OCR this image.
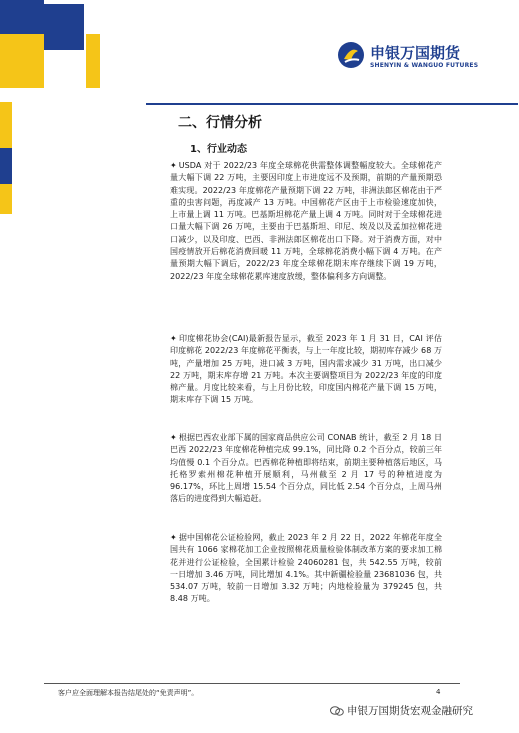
申银万国期货
SHENYIN & WANGUO FUTURES
二、行情分析
1、行业动态
✦ USDA 对于 2022/23 年度全球棉花供需整体调整幅度较大。全球棉花产量大幅下调 22 万吨，主要因印度上市进度远不及预期，前期的产量预期恐难实现。2022/23 年度棉花产量预期下调 22 万吨，非洲法郎区棉花由于严重的虫害问题，再度减产 13 万吨。中国棉花产区由于上市检验速度加快，上市量上调 11 万吨。巴基斯坦棉花产量上调 4 万吨。同时对于全球棉花进口量大幅下调 26 万吨，主要由于巴基斯坦、印尼、埃及以及孟加拉棉花进口减少，以及印度、巴西、非洲法郎区棉花出口下降。对于消费方面，对中国疫情放开后棉花消费回暖 11 万吨，全球棉花消费小幅下调 4 万吨。在产量预期大幅下调后，2022/23 年度全球棉花期末库存继续下调 19 万吨，2022/23 年度全球棉花累库速度放缓，整体偏利多方向调整。
✦ 印度棉花协会(CAI)最新报告显示，截至 2023 年 1 月 31 日，CAI 评估印度棉花 2022/23 年度棉花平衡表，与上一年度比较，期初库存减少 68 万吨，产量增加 25 万吨，进口减 3 万吨，国内需求减少 31 万吨，出口减少 22 万吨，期末库存增 21 万吨。本次主要调整项目为 2022/23 年度的印度棉产量。月度比较来看，与上月份比较，印度国内棉花产量下调 15 万吨，期末库存下调 15 万吨。
✦ 根据巴西农业部下属的国家商品供应公司 CONAB 统计，截至 2 月 18 日巴西 2022/23 年度棉花种植完成 99.1%，同比降 0.2 个百分点，较前三年均值慢 0.1 个百分点。巴西棉花种植即将结束，前期主要种植落后地区，马托格罗索州棉花种植开展顺利，马州截至 2 月 17 号的种植进度为 96.17%，环比上周增 15.54 个百分点，同比低 2.54 个百分点，上周马州落后的进度得到大幅追赶。
✦ 据中国棉花公证检验网，截止 2023 年 2 月 22 日，2022 年棉花年度全国共有 1066 家棉花加工企业按照棉花质量检验体制改革方案的要求加工棉花并进行公证检验，全国累计检验 24060281 包，共 542.55 万吨，较前一日增加 3.46 万吨，同比增加 4.1%。其中新疆检验量 23681036 包，共 534.07 万吨，较前一日增加 3.32 万吨；内地检验量为 379245 包，共 8.48 万吨。
客户应全面理解本报告结尾处的“免责声明”。	4
申银万国期货宏观金融研究
